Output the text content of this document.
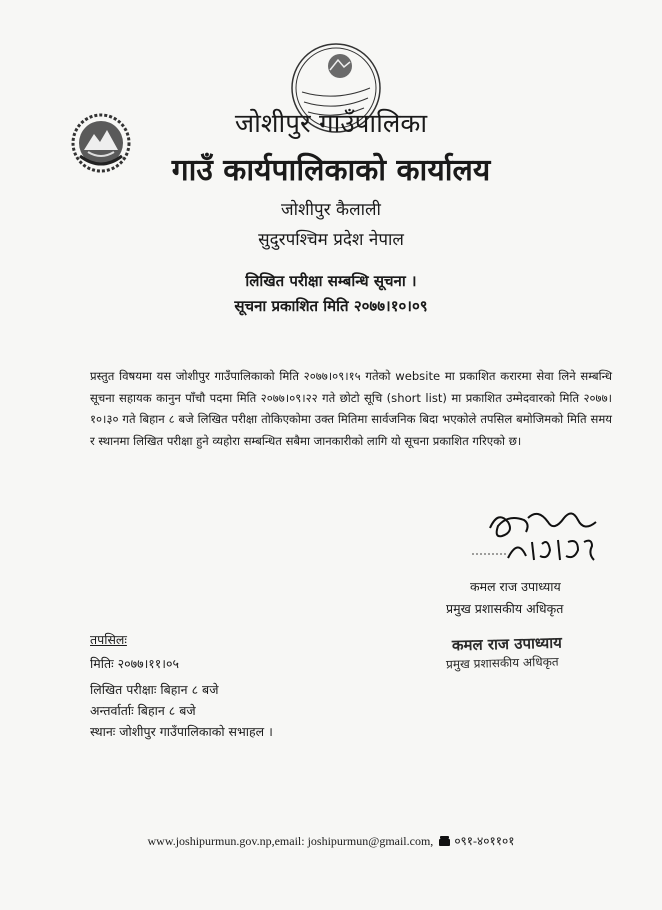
जोशीपुर गाउँपालिका
गाउँ कार्यपालिकाको कार्यालय
जोशीपुर कैलाली
सुदुरपश्चिम प्रदेश नेपाल
लिखित परीक्षा सम्बन्धि सूचना ।
सूचना प्रकाशित मिति २०७७।१०।०९
प्रस्तुत विषयमा यस जोशीपुर गाउँपालिकाको मिति २०७७।०९।१५ गतेको website मा प्रकाशित करारमा सेवा लिने सम्बन्धि सूचना सहायक कानुन पाँचौ पदमा मिति २०७७।०९।२२ गते छोटो सूचि (short list) मा प्रकाशित उम्मेदवारको मिति २०७७।१०।३० गते बिहान ८ बजे लिखित परीक्षा तोकिएकोमा उक्त मितिमा सार्वजनिक बिदा भएकोले तपसिल बमोजिमको मिति समय र स्थानमा लिखित परीक्षा हुने व्यहोरा सम्बन्धित सबैमा जानकारीको लागि यो सूचना प्रकाशित गरिएको छ।
कमल राज उपाध्याय
प्रमुख प्रशासकीय अधिकृत
कमल राज उपाध्याय
प्रमुख प्रशासकीय अधिकृत
तपसिलः
मितिः २०७७।११।०५
लिखित परीक्षाः बिहान ८ बजे
अन्तर्वार्ताः बिहान ८ बजे
स्थानः जोशीपुर गाउँपालिकाको सभाहल ।
www.joshipurmun.gov.np,email: joshipurmun@gmail.com, ०९१-४०११०१
